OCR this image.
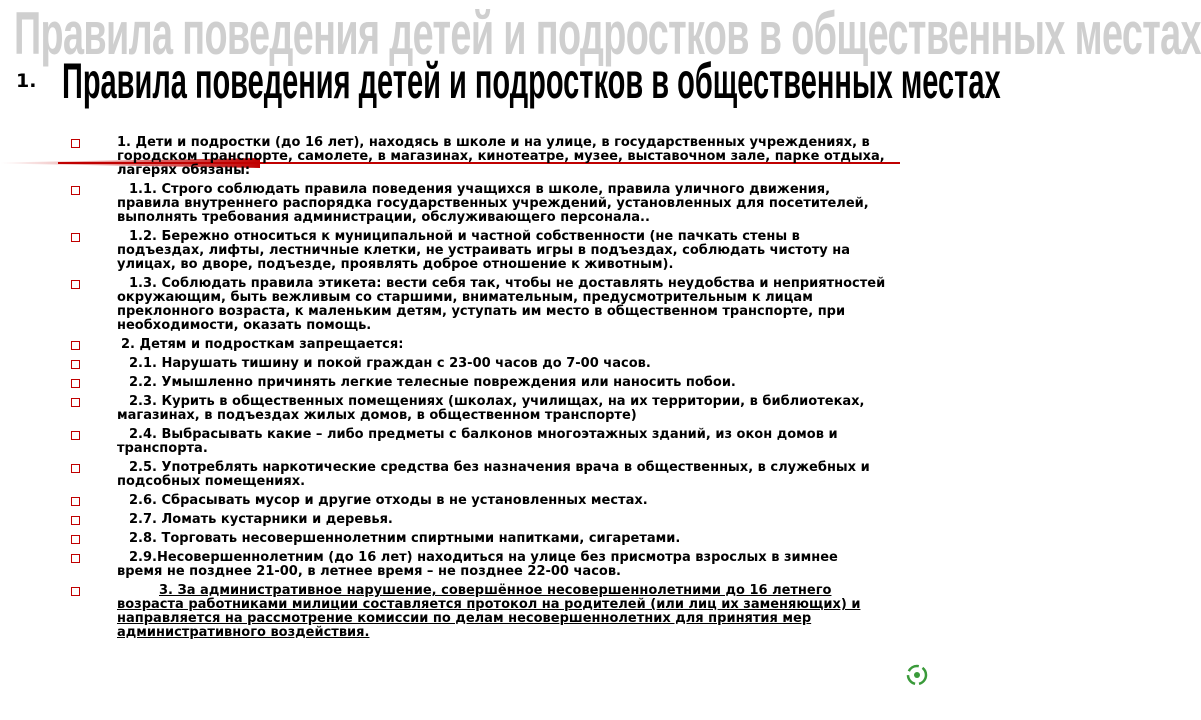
Правила поведения детей и подростков в общественных местах
Правила поведения детей и подростков в общественных местах
1.
1. Дети и подростки (до 16 лет), находясь в школе и на улице, в государственных учреждениях, в городском транспорте, самолете, в магазинах, кинотеатре, музее, выставочном зале, парке отдыха, лагерях обязаны:
1.1. Строго соблюдать правила поведения учащихся в школе, правила уличного движения, правила внутреннего распорядка государственных учреждений, установленных для посетителей, выполнять требования администрации, обслуживающего персонала..
1.2. Бережно относиться к муниципальной и частной собственности (не пачкать стены в подъездах, лифты, лестничные клетки, не устраивать игры в подъездах, соблюдать чистоту на улицах, во дворе, подъезде, проявлять доброе отношение к животным).
1.3. Соблюдать правила этикета: вести себя так, чтобы не доставлять неудобства и неприятностей окружающим, быть вежливым со старшими, внимательным, предусмотрительным к лицам преклонного возраста, к маленьким детям, уступать им место в общественном транспорте, при необходимости, оказать помощь.
2. Детям и подросткам запрещается:
2.1. Нарушать тишину и покой граждан с 23-00 часов до 7-00 часов.
2.2. Умышленно причинять легкие телесные повреждения или наносить побои.
2.3. Курить в общественных помещениях (школах, училищах, на их территории, в библиотеках, магазинах, в подъездах жилых домов, в общественном транспорте)
2.4. Выбрасывать какие – либо предметы с балконов многоэтажных зданий, из окон домов и транспорта.
2.5. Употреблять наркотические средства без назначения врача в общественных, в служебных и подсобных помещениях.
2.6. Сбрасывать мусор и другие отходы в не установленных местах.
2.7. Ломать кустарники и деревья.
2.8. Торговать несовершеннолетним спиртными напитками, сигаретами.
2.9.Несовершеннолетним (до 16 лет) находиться на улице без присмотра взрослых в зимнее время не позднее 21-00, в летнее время – не позднее 22-00 часов.
3. За административное нарушение, совершённое несовершеннолетними до 16 летнего возраста работниками милиции составляется протокол на родителей (или лиц их заменяющих) и направляется на рассмотрение комиссии по делам несовершеннолетних для принятия мер административного воздействия.
